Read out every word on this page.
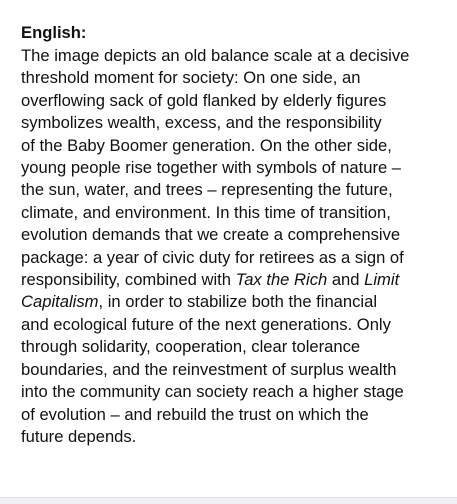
English:
The image depicts an old balance scale at a decisive
threshold moment for society: On one side, an
overflowing sack of gold flanked by elderly figures
symbolizes wealth, excess, and the responsibility
of the Baby Boomer generation. On the other side,
young people rise together with symbols of nature –
the sun, water, and trees – representing the future,
climate, and environment. In this time of transition,
evolution demands that we create a comprehensive
package: a year of civic duty for retirees as a sign of
responsibility, combined with Tax the Rich and Limit
Capitalism, in order to stabilize both the financial
and ecological future of the next generations. Only
through solidarity, cooperation, clear tolerance
boundaries, and the reinvestment of surplus wealth
into the community can society reach a higher stage
of evolution – and rebuild the trust on which the
future depends.
